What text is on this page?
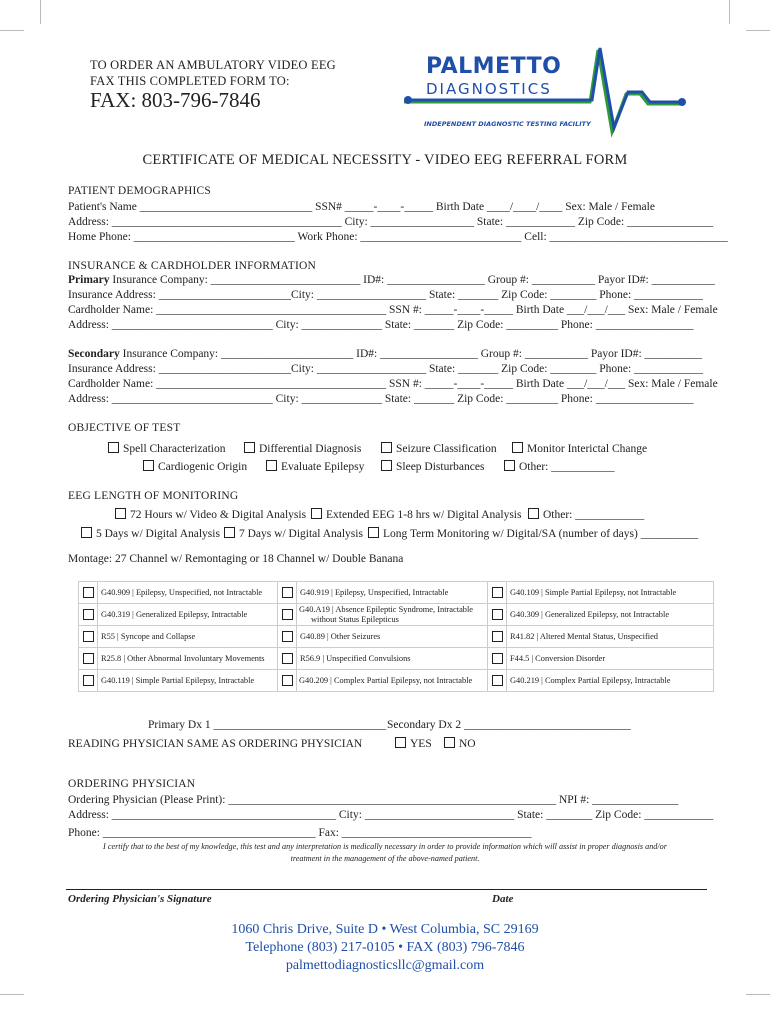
TO ORDER AN AMBULATORY VIDEO EEG
FAX THIS COMPLETED FORM TO:
FAX: 803-796-7846
PALMETTO
DIAGNOSTICS
INDEPENDENT DIAGNOSTIC TESTING FACILITY
CERTIFICATE OF MEDICAL NECESSITY - VIDEO EEG REFERRAL FORM
PATIENT DEMOGRAPHICS
Patient's Name ______________________________ SSN# _____-____-_____ Birth Date ____/____/____ Sex: Male / Female
Address: ________________________________________ City: __________________ State: ____________ Zip Code: _______________
Home Phone: ____________________________ Work Phone: ____________________________ Cell: _______________________________
INSURANCE & CARDHOLDER INFORMATION
Primary Insurance Company: __________________________ ID#: _________________ Group #: ___________ Payor ID#: ___________
Insurance Address: _______________________City: ___________________ State: _______ Zip Code: ________ Phone: ____________
Cardholder Name: ________________________________________ SSN #: _____-____-_____ Birth Date ___/___/___ Sex: Male / Female
Address: ____________________________ City: ______________ State: _______ Zip Code: _________ Phone: _________________
Secondary Insurance Company: _______________________ ID#: _________________ Group #: ___________ Payor ID#: __________
Insurance Address: _______________________City: ___________________ State: _______ Zip Code: ________ Phone: ____________
Cardholder Name: ________________________________________ SSN #: _____-____-_____ Birth Date ___/___/___ Sex: Male / Female
Address: ____________________________ City: ______________ State: _______ Zip Code: _________ Phone: _________________
OBJECTIVE OF TEST
Spell Characterization	Differential Diagnosis	Seizure Classification	Monitor Interictal Change
Cardiogenic Origin	Evaluate Epilepsy	Sleep Disturbances	Other: ___________
EEG LENGTH OF MONITORING
72 Hours w/ Video & Digital Analysis	Extended EEG 1-8 hrs w/ Digital Analysis	Other: ____________
5 Days w/ Digital Analysis	7 Days w/ Digital Analysis	Long Term Monitoring w/ Digital/SA (number of days) __________
Montage: 27 Channel w/ Remontaging or 18 Channel w/ Double Banana
	G40.909 | Epilepsy, Unspecified, not Intractable		G40.919 | Epilepsy, Unspecified, Intractable		G40.109 | Simple Partial Epilepsy, not Intractable
	G40.319 | Generalized Epilepsy, Intractable		G40.A19 | Absence Epileptic Syndrome, Intractable without Status Epilepticus		G40.309 | Generalized Epilepsy, not Intractable
	R55 | Syncope and Collapse		G40.89 | Other Seizures		R41.82 | Altered Mental Status, Unspecified
	R25.8 | Other Abnormal Involuntary Movements		R56.9 | Unspecified Convulsions		F44.5 | Conversion Disorder
	G40.119 | Simple Partial Epilepsy, Intractable		G40.209 | Complex Partial Epilepsy, not Intractable		G40.219 | Complex Partial Epilepsy, Intractable
Primary Dx 1 ______________________________ Secondary Dx 2 _____________________________
READING PHYSICIAN SAME AS ORDERING PHYSICIAN	YES	NO
ORDERING PHYSICIAN
Ordering Physician (Please Print): _________________________________________________________ NPI #: _______________
Address: _______________________________________ City: __________________________ State: ________ Zip Code: ____________
Phone: _____________________________________ Fax: _________________________________
I certify that to the best of my knowledge, this test and any interpretation is medically necessary in order to provide information which will assist in proper diagnosis and/or
treatment in the management of the above-named patient.
Ordering Physician's Signature	Date
1060 Chris Drive, Suite D • West Columbia, SC 29169
Telephone (803) 217-0105 • FAX (803) 796-7846
palmettodiagnosticsllc@gmail.com
